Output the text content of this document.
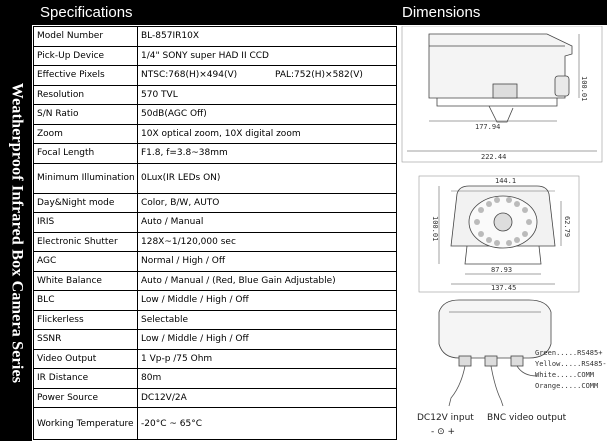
Specifications	Dimensions
Weatherproof Infrared Box Camera Series
Model Number	BL-857IR10X
Pick-Up Device	1/4" SONY super HAD II CCD
Effective Pixels	NTSC:768(H)×494(V) PAL:752(H)×582(V)

Resolution	570 TVL
S/N Ratio	50dB(AGC Off)
Zoom	10X optical zoom, 10X digital zoom
Focal Length	F1.8, f=3.8~38mm
Minimum Illumination	0Lux(IR LEDs ON)
Day&Night mode	Color, B/W, AUTO
IRIS	Auto / Manual
Electronic Shutter	128X~1/120,000 sec
AGC	Normal / High / Off
White Balance	Auto / Manual / (Red, Blue Gain Adjustable)
BLC	Low / Middle / High / Off
Flickerless	Selectable
SSNR	Low / Middle / High / Off
Video Output	1 Vp-p /75 Ohm
IR Distance	80m
Power Source	DC12V/2A
Working Temperature	-20°C ~ 65°C
100.01
177.94
222.44
144.1
100.01	62.79
87.93
137.45
Green.....RS485+
Yellow.....RS485-
White.....COMM
Orange.....COMM
DC12V input BNC video output
- ⊙ +
